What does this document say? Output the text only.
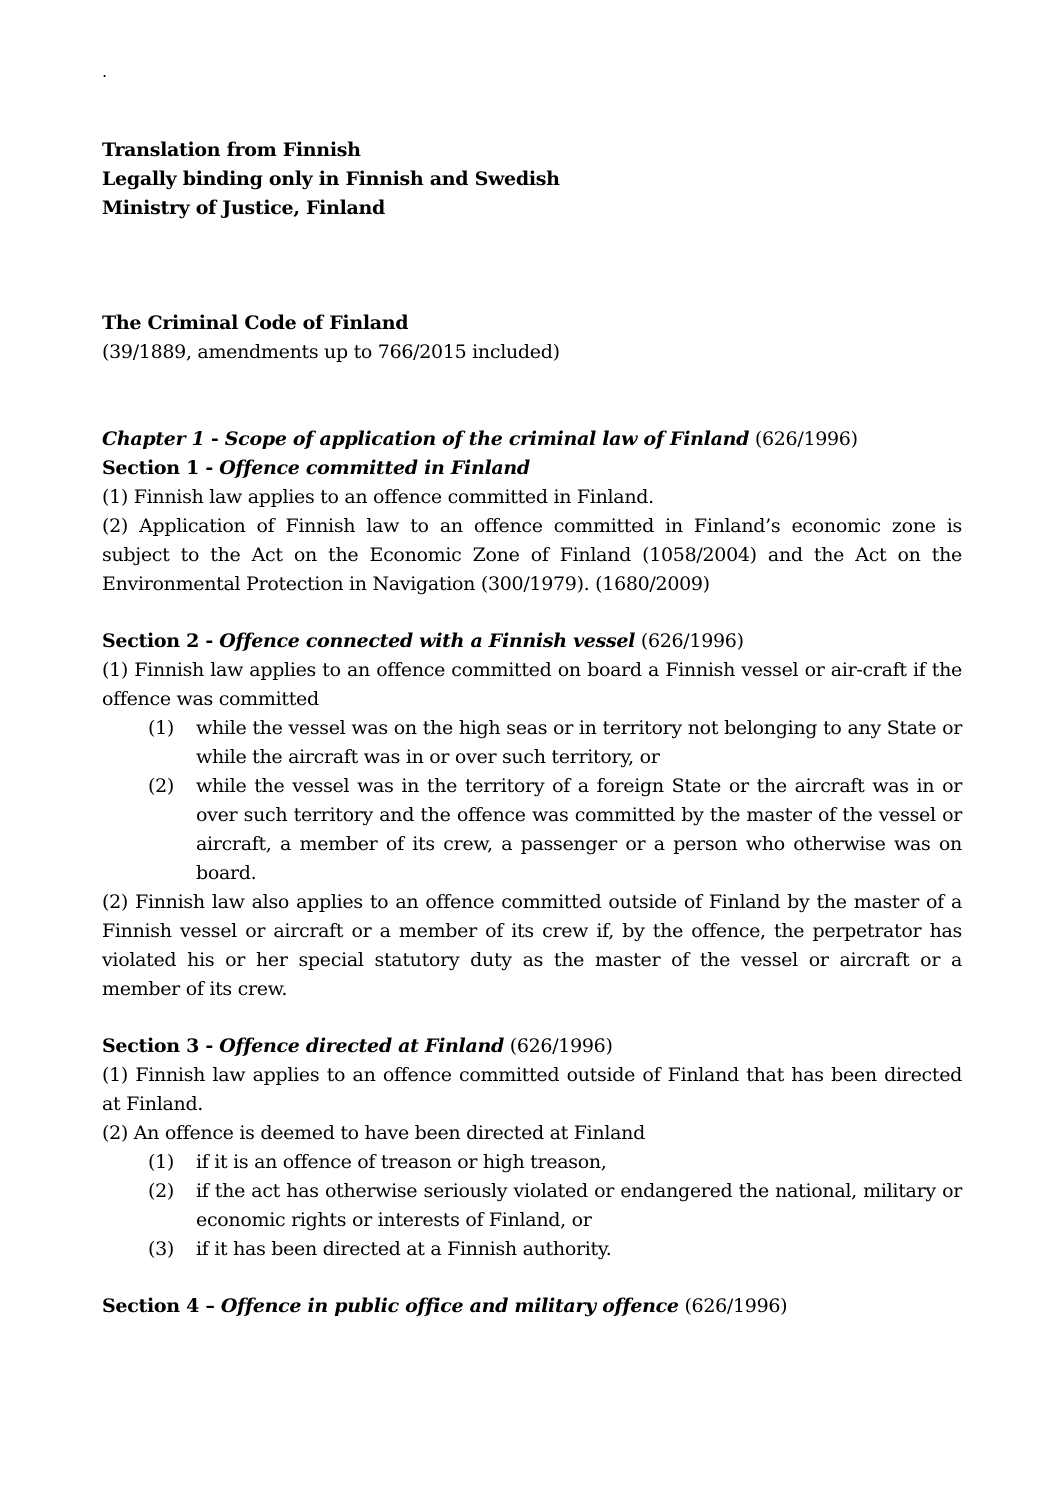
.

Translation from Finnish

Legally binding only in Finnish and Swedish

Ministry of Justice, Finland

The Criminal Code of Finland

(39/1889, amendments up to 766/2015 included)

Chapter 1 - Scope of application of the criminal law of Finland (626/1996)

Section 1 - Offence committed in Finland

(1) Finnish law applies to an offence committed in Finland.

(2) Application of Finnish law to an offence committed in Finland’s economic zone is subject to the Act on the Economic Zone of Finland (1058/2004) and the Act on the Environmental Protection in Navigation (300/1979). (1680/2009)

Section 2 - Offence connected with a Finnish vessel (626/1996)

(1) Finnish law applies to an offence committed on board a Finnish vessel or air-craft if the offence was committed

(1) while the vessel was on the high seas or in territory not belonging to any State or while the aircraft was in or over such territory, or
(2) while the vessel was in the territory of a foreign State or the aircraft was in or over such territory and the offence was committed by the master of the vessel or aircraft, a member of its crew, a passenger or a person who otherwise was on board.

(2) Finnish law also applies to an offence committed outside of Finland by the master of a Finnish vessel or aircraft or a member of its crew if, by the offence, the perpetrator has violated his or her special statutory duty as the master of the vessel or aircraft or a member of its crew.

Section 3 - Offence directed at Finland (626/1996)

(1) Finnish law applies to an offence committed outside of Finland that has been directed at Finland.

(2) An offence is deemed to have been directed at Finland

(1) if it is an offence of treason or high treason,
(2) if the act has otherwise seriously violated or endangered the national, military or economic rights or interests of Finland, or
(3) if it has been directed at a Finnish authority.

Section 4 – Offence in public office and military offence (626/1996)
